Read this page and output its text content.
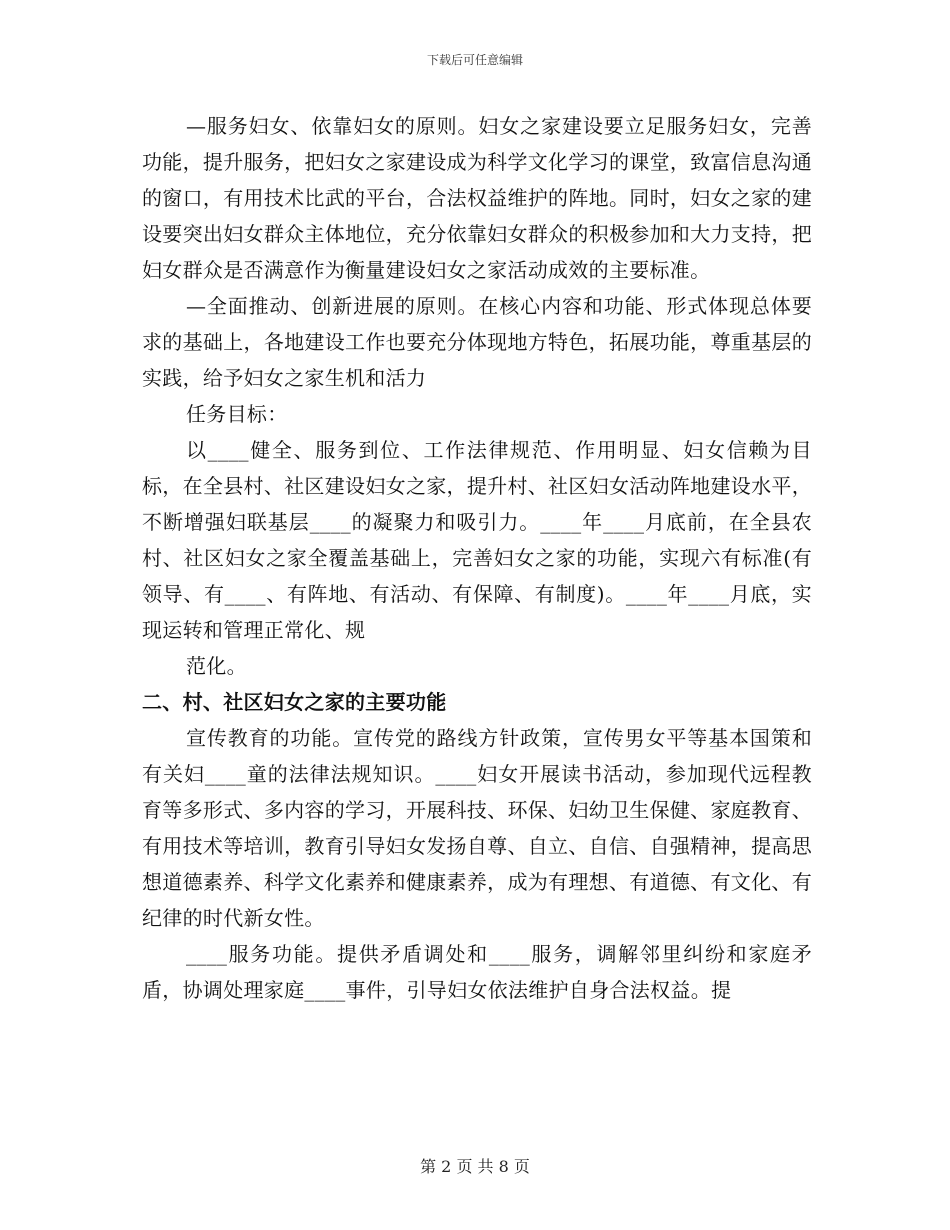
下载后可任意编辑

—服务妇女、依靠妇女的原则。妇女之家建设要立足服务妇女，完善功能，提升服务，把妇女之家建设成为科学文化学习的课堂，致富信息沟通的窗口，有用技术比武的平台，合法权益维护的阵地。同时，妇女之家的建设要突出妇女群众主体地位，充分依靠妇女群众的积极参加和大力支持，把妇女群众是否满意作为衡量建设妇女之家活动成效的主要标准。

—全面推动、创新进展的原则。在核心内容和功能、形式体现总体要求的基础上，各地建设工作也要充分体现地方特色，拓展功能，尊重基层的实践，给予妇女之家生机和活力

任务目标：

以____健全、服务到位、工作法律规范、作用明显、妇女信赖为目标，在全县村、社区建设妇女之家，提升村、社区妇女活动阵地建设水平，不断增强妇联基层____的凝聚力和吸引力。____年____月底前，在全县农村、社区妇女之家全覆盖基础上，完善妇女之家的功能，实现六有标准(有领导、有____、有阵地、有活动、有保障、有制度)。____年____月底，实现运转和管理正常化、规

范化。

二、村、社区妇女之家的主要功能

宣传教育的功能。宣传党的路线方针政策，宣传男女平等基本国策和有关妇____童的法律法规知识。____妇女开展读书活动，参加现代远程教育等多形式、多内容的学习，开展科技、环保、妇幼卫生保健、家庭教育、有用技术等培训，教育引导妇女发扬自尊、自立、自信、自强精神，提高思想道德素养、科学文化素养和健康素养，成为有理想、有道德、有文化、有纪律的时代新女性。

____服务功能。提供矛盾调处和____服务，调解邻里纠纷和家庭矛盾，协调处理家庭____事件，引导妇女依法维护自身合法权益。提

第 2 页 共 8 页
